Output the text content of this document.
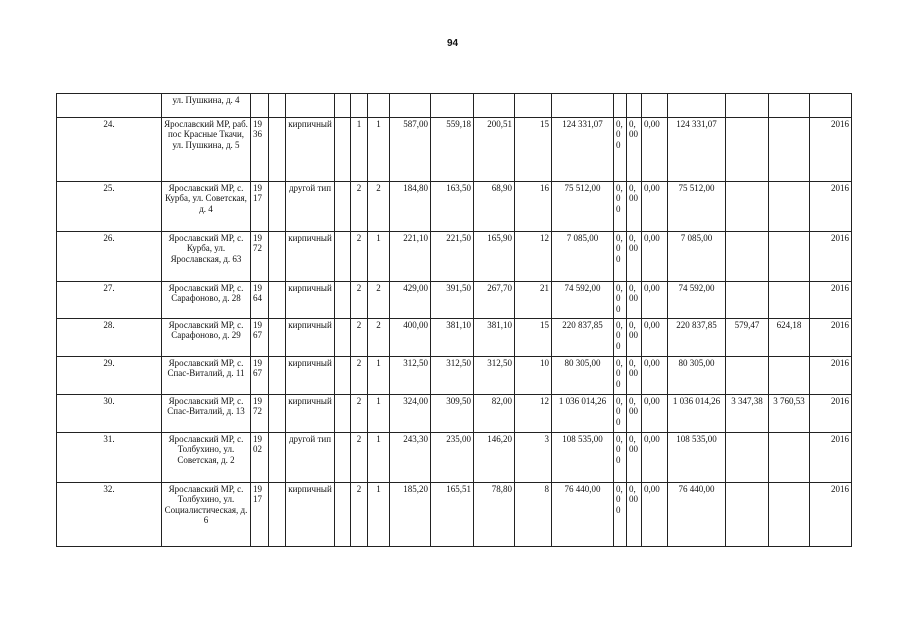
94
	ул. Пушкина, д. 4																		
24.	Ярославский МР, раб. пос Красные Ткачи, ул. Пушкина, д. 5	1936		кирпичный		1	1	587,00	559,18	200,51	15	124 331,07	0,00	0,00	0,00	124 331,07			2016
25.	Ярославский МР, с. Курба, ул. Советская, д. 4	1917		другой тип		2	2	184,80	163,50	68,90	16	75 512,00	0,00	0,00	0,00	75 512,00			2016
26.	Ярославский МР, с. Курба, ул. Ярославская, д. 63	1972		кирпичный		2	1	221,10	221,50	165,90	12	7 085,00	0,00	0,00	0,00	7 085,00			2016
27.	Ярославский МР, с. Сарафоново, д. 28	1964		кирпичный		2	2	429,00	391,50	267,70	21	74 592,00	0,00	0,00	0,00	74 592,00			2016
28.	Ярославский МР, с. Сарафоново, д. 29	1967		кирпичный		2	2	400,00	381,10	381,10	15	220 837,85	0,00	0,00	0,00	220 837,85	579,47	624,18	2016
29.	Ярославский МР, с. Спас-Виталий, д. 11	1967		кирпичный		2	1	312,50	312,50	312,50	10	80 305,00	0,00	0,00	0,00	80 305,00			2016
30.	Ярославский МР, с. Спас-Виталий, д. 13	1972		кирпичный		2	1	324,00	309,50	82,00	12	1 036 014,26	0,00	0,00	0,00	1 036 014,26	3 347,38	3 760,53	2016
31.	Ярославский МР, с. Толбухино, ул. Советская, д. 2	1902		другой тип		2	1	243,30	235,00	146,20	3	108 535,00	0,00	0,00	0,00	108 535,00			2016
32.	Ярославский МР, с. Толбухино, ул. Социалистическая, д. 6	1917		кирпичный		2	1	185,20	165,51	78,80	8	76 440,00	0,00	0,00	0,00	76 440,00			2016
